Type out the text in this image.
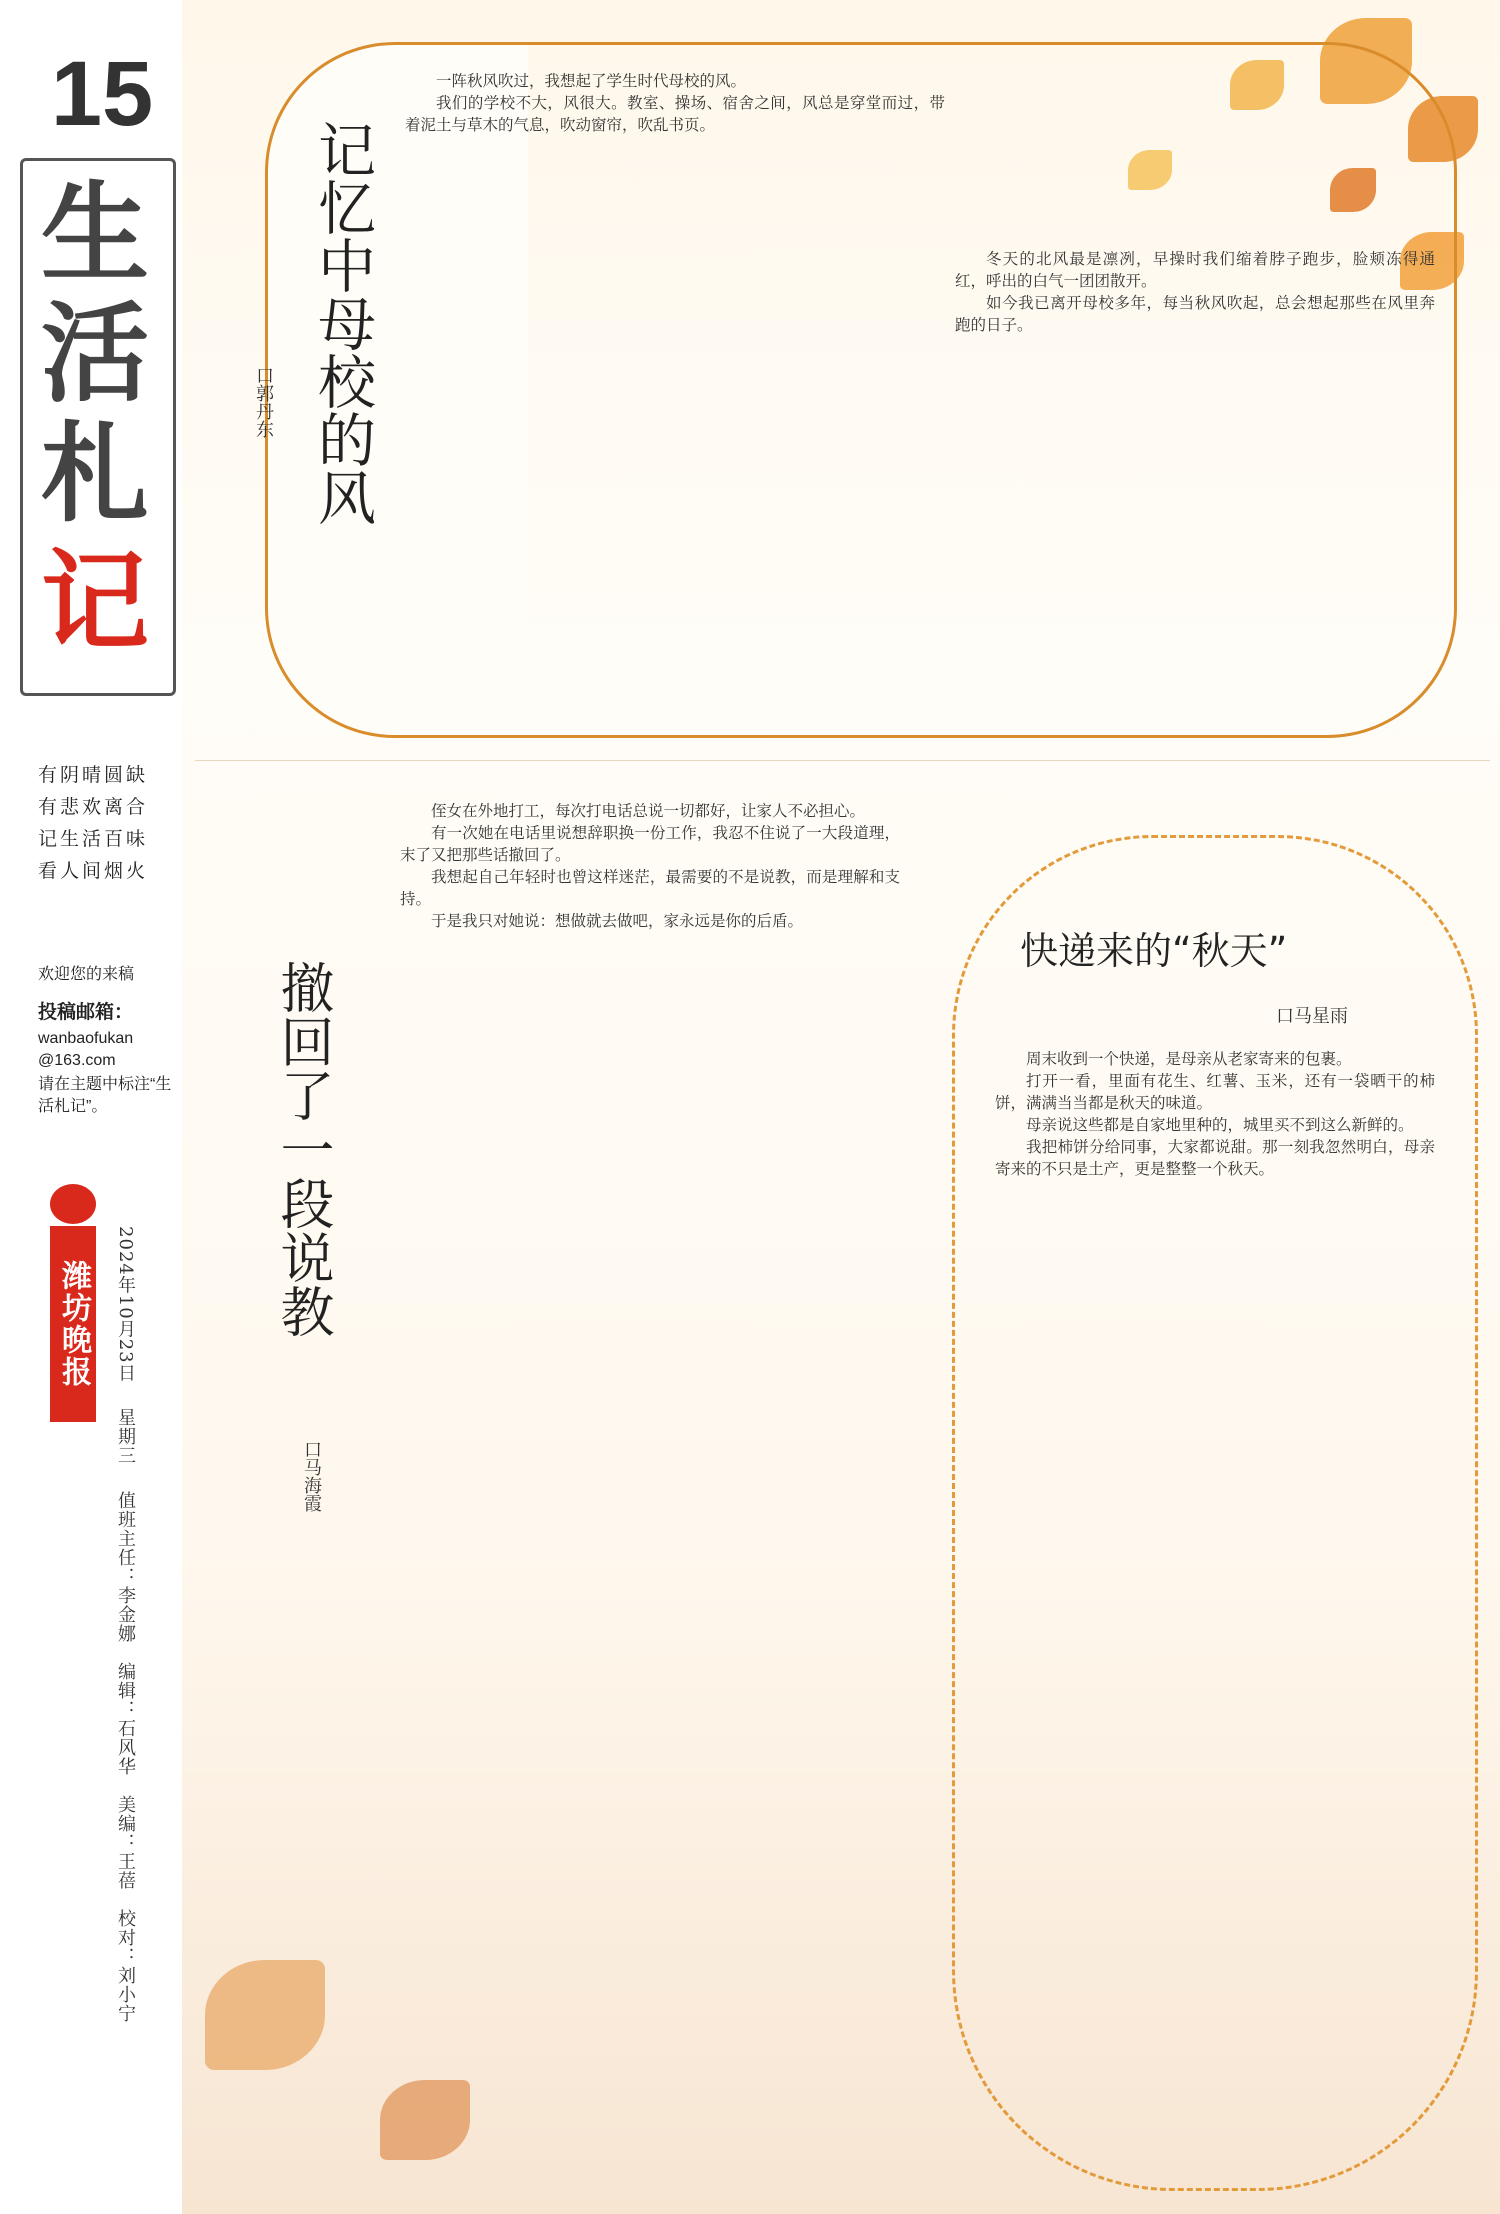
15
生
活
札
记
有阴晴圆缺
有悲欢离合
记生活百味
看人间烟火
欢迎您的来稿
投稿邮箱：
wanbaofukan
@163.com
请在主题中标注“生活札记”。
潍坊晚报 2024年10月23日　 星期三　 值班主任：李金娜　编辑：石风华　美编：王蓓　校对：刘小宁
记忆中母校的风
口郭丹东

一阵秋风吹过，我想起了学生时代母校的风。

我们的学校不大，风很大。教室、操场、宿舍之间，风总是穿堂而过，带着泥土与草木的气息，吹动窗帘，吹乱书页。

冬天的北风最是凛冽，早操时我们缩着脖子跑步，脸颊冻得通红，呼出的白气一团团散开。

如今我已离开母校多年，每当秋风吹起，总会想起那些在风里奔跑的日子。

撤回了一段说教
口马海霞

侄女在外地打工，每次打电话总说一切都好，让家人不必担心。

有一次她在电话里说想辞职换一份工作，我忍不住说了一大段道理，末了又把那些话撤回了。

我想起自己年轻时也曾这样迷茫，最需要的不是说教，而是理解和支持。

于是我只对她说：想做就去做吧，家永远是你的后盾。

快递来的“秋天”
口马星雨

周末收到一个快递，是母亲从老家寄来的包裹。

打开一看，里面有花生、红薯、玉米，还有一袋晒干的柿饼，满满当当都是秋天的味道。

母亲说这些都是自家地里种的，城里买不到这么新鲜的。

我把柿饼分给同事，大家都说甜。那一刻我忽然明白，母亲寄来的不只是土产，更是整整一个秋天。
